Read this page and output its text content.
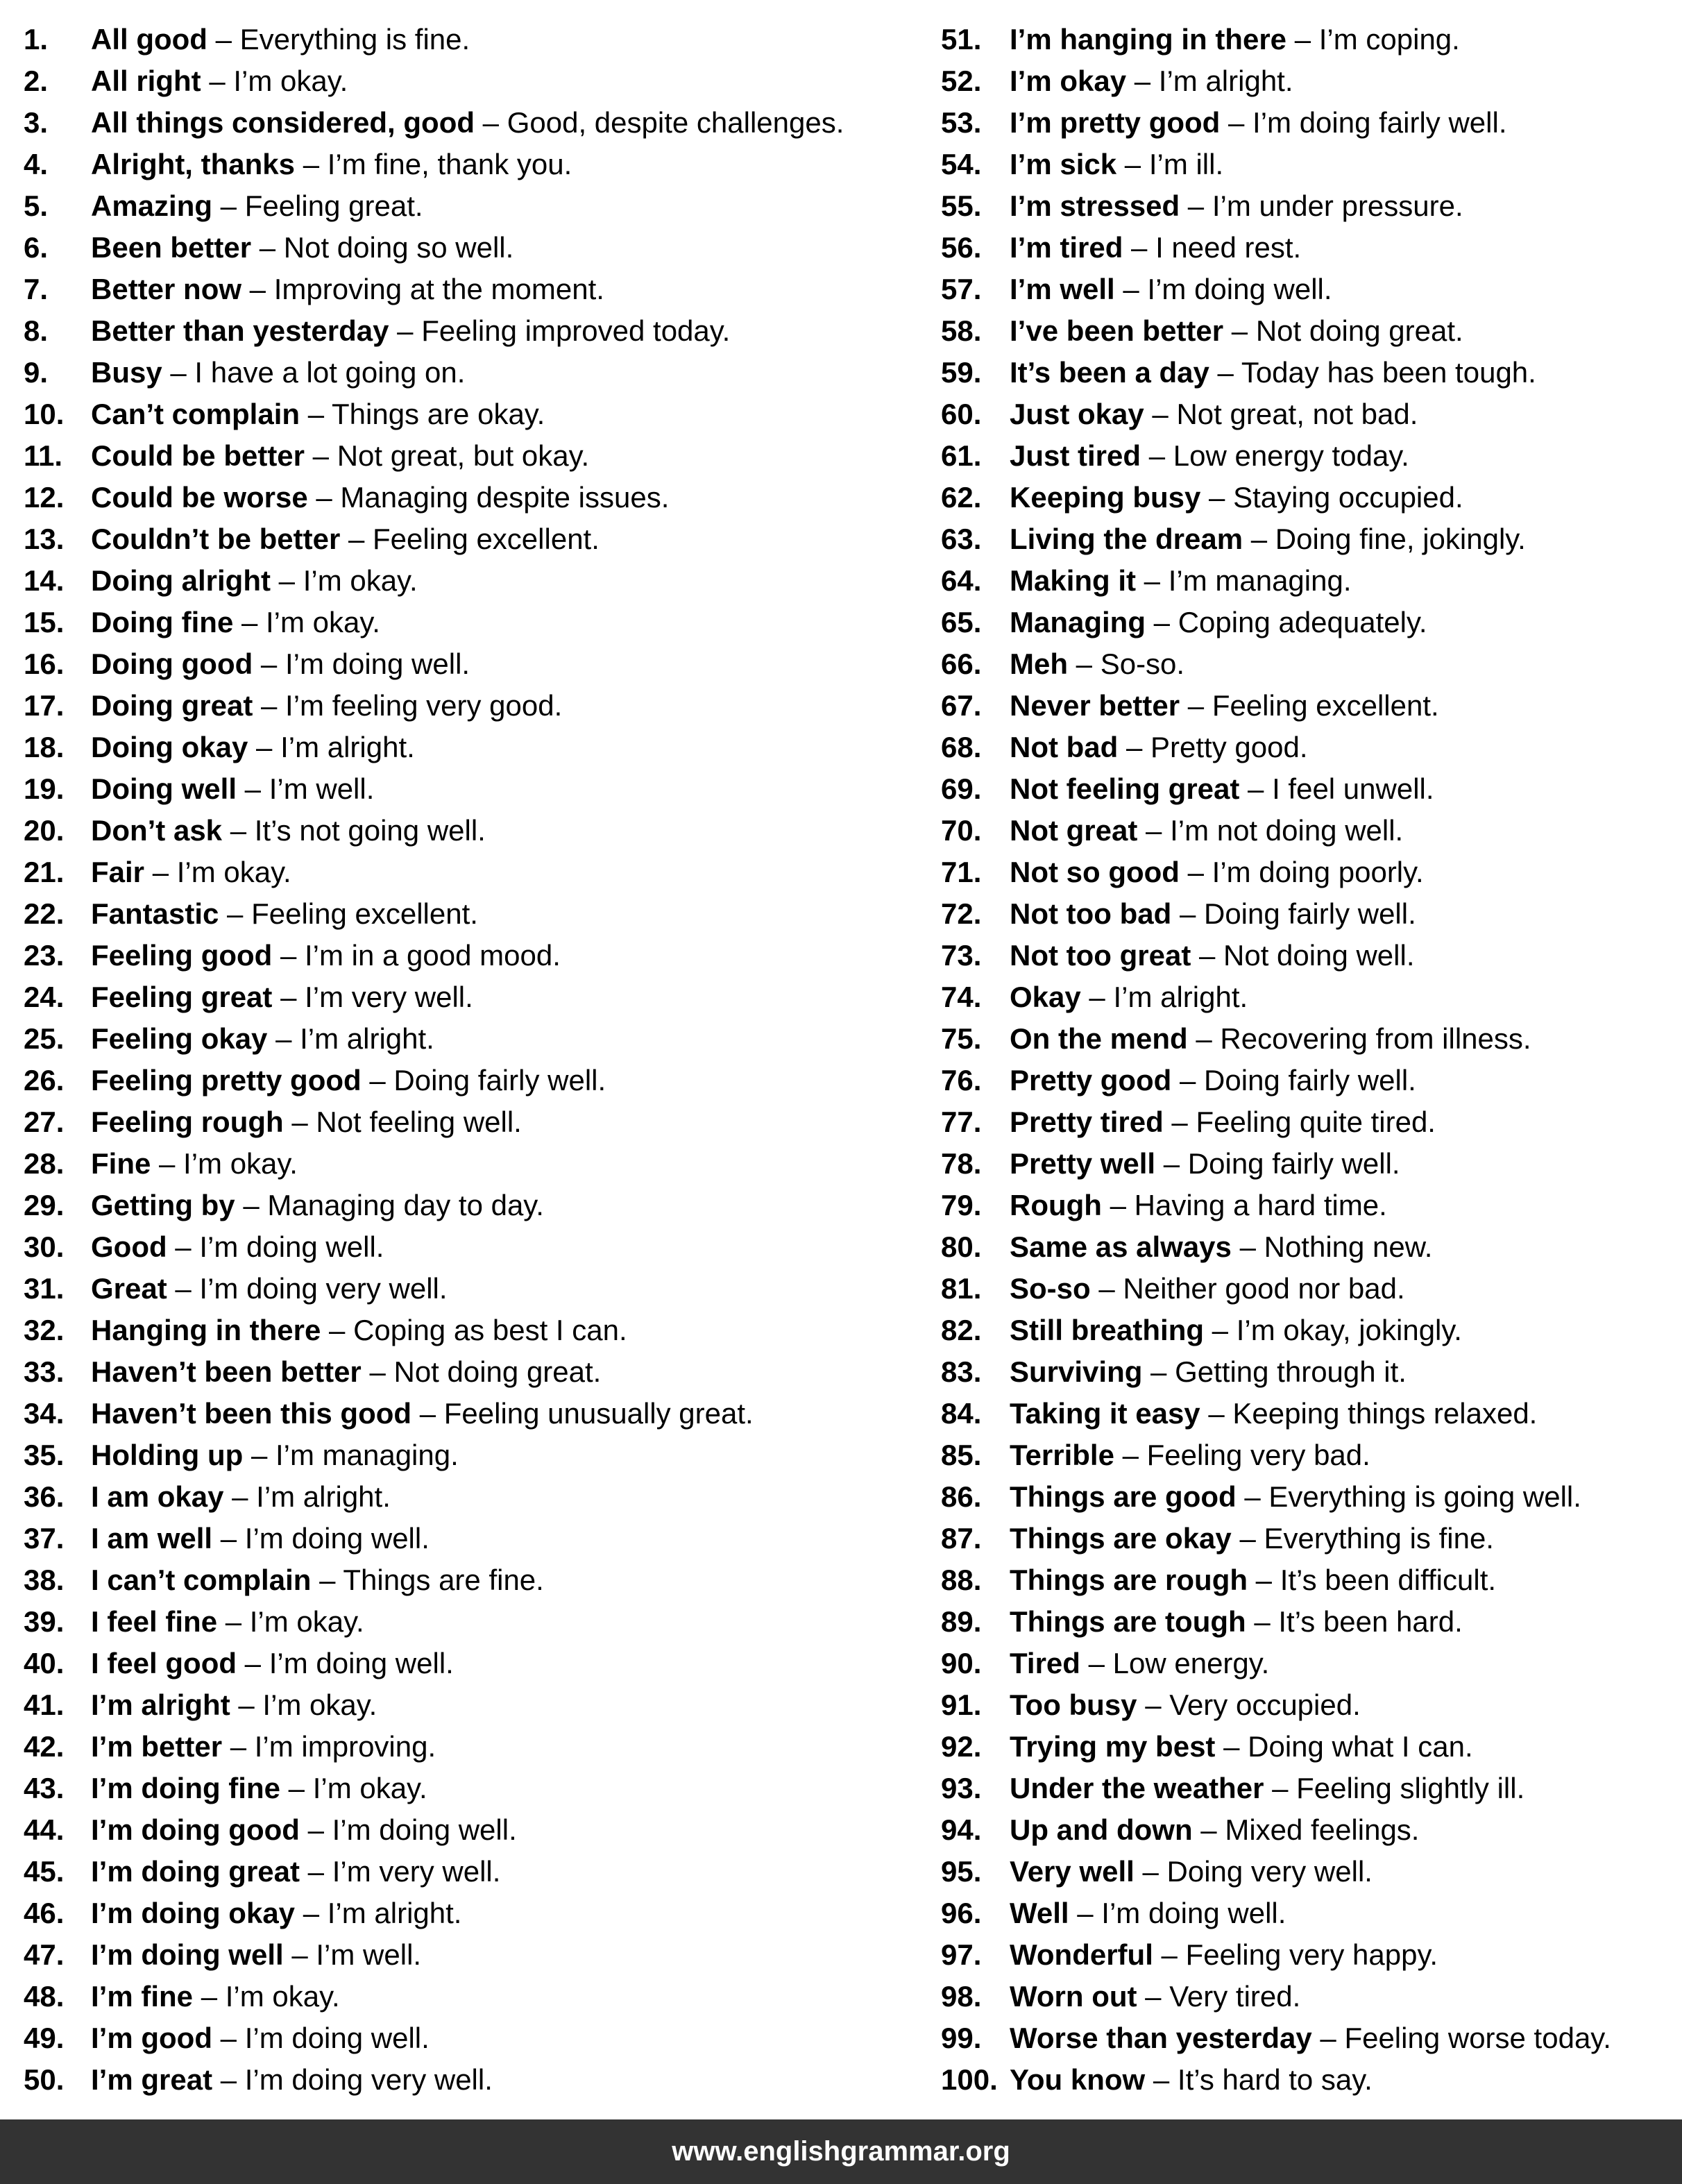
1. All good – Everything is fine.
2. All right – I’m okay.
3. All things considered, good – Good, despite challenges.
4. Alright, thanks – I’m fine, thank you.
5. Amazing – Feeling great.
6. Been better – Not doing so well.
7. Better now – Improving at the moment.
8. Better than yesterday – Feeling improved today.
9. Busy – I have a lot going on.
10. Can’t complain – Things are okay.
11. Could be better – Not great, but okay.
12. Could be worse – Managing despite issues.
13. Couldn’t be better – Feeling excellent.
14. Doing alright – I’m okay.
15. Doing fine – I’m okay.
16. Doing good – I’m doing well.
17. Doing great – I’m feeling very good.
18. Doing okay – I’m alright.
19. Doing well – I’m well.
20. Don’t ask – It’s not going well.
21. Fair – I’m okay.
22. Fantastic – Feeling excellent.
23. Feeling good – I’m in a good mood.
24. Feeling great – I’m very well.
25. Feeling okay – I’m alright.
26. Feeling pretty good – Doing fairly well.
27. Feeling rough – Not feeling well.
28. Fine – I’m okay.
29. Getting by – Managing day to day.
30. Good – I’m doing well.
31. Great – I’m doing very well.
32. Hanging in there – Coping as best I can.
33. Haven’t been better – Not doing great.
34. Haven’t been this good – Feeling unusually great.
35. Holding up – I’m managing.
36. I am okay – I’m alright.
37. I am well – I’m doing well.
38. I can’t complain – Things are fine.
39. I feel fine – I’m okay.
40. I feel good – I’m doing well.
41. I’m alright – I’m okay.
42. I’m better – I’m improving.
43. I’m doing fine – I’m okay.
44. I’m doing good – I’m doing well.
45. I’m doing great – I’m very well.
46. I’m doing okay – I’m alright.
47. I’m doing well – I’m well.
48. I’m fine – I’m okay.
49. I’m good – I’m doing well.
50. I’m great – I’m doing very well.
51. I’m hanging in there – I’m coping.
52. I’m okay – I’m alright.
53. I’m pretty good – I’m doing fairly well.
54. I’m sick – I’m ill.
55. I’m stressed – I’m under pressure.
56. I’m tired – I need rest.
57. I’m well – I’m doing well.
58. I’ve been better – Not doing great.
59. It’s been a day – Today has been tough.
60. Just okay – Not great, not bad.
61. Just tired – Low energy today.
62. Keeping busy – Staying occupied.
63. Living the dream – Doing fine, jokingly.
64. Making it – I’m managing.
65. Managing – Coping adequately.
66. Meh – So-so.
67. Never better – Feeling excellent.
68. Not bad – Pretty good.
69. Not feeling great – I feel unwell.
70. Not great – I’m not doing well.
71. Not so good – I’m doing poorly.
72. Not too bad – Doing fairly well.
73. Not too great – Not doing well.
74. Okay – I’m alright.
75. On the mend – Recovering from illness.
76. Pretty good – Doing fairly well.
77. Pretty tired – Feeling quite tired.
78. Pretty well – Doing fairly well.
79. Rough – Having a hard time.
80. Same as always – Nothing new.
81. So-so – Neither good nor bad.
82. Still breathing – I’m okay, jokingly.
83. Surviving – Getting through it.
84. Taking it easy – Keeping things relaxed.
85. Terrible – Feeling very bad.
86. Things are good – Everything is going well.
87. Things are okay – Everything is fine.
88. Things are rough – It’s been difficult.
89. Things are tough – It’s been hard.
90. Tired – Low energy.
91. Too busy – Very occupied.
92. Trying my best – Doing what I can.
93. Under the weather – Feeling slightly ill.
94. Up and down – Mixed feelings.
95. Very well – Doing very well.
96. Well – I’m doing well.
97. Wonderful – Feeling very happy.
98. Worn out – Very tired.
99. Worse than yesterday – Feeling worse today.
100. You know – It’s hard to say.
www.englishgrammar.org
